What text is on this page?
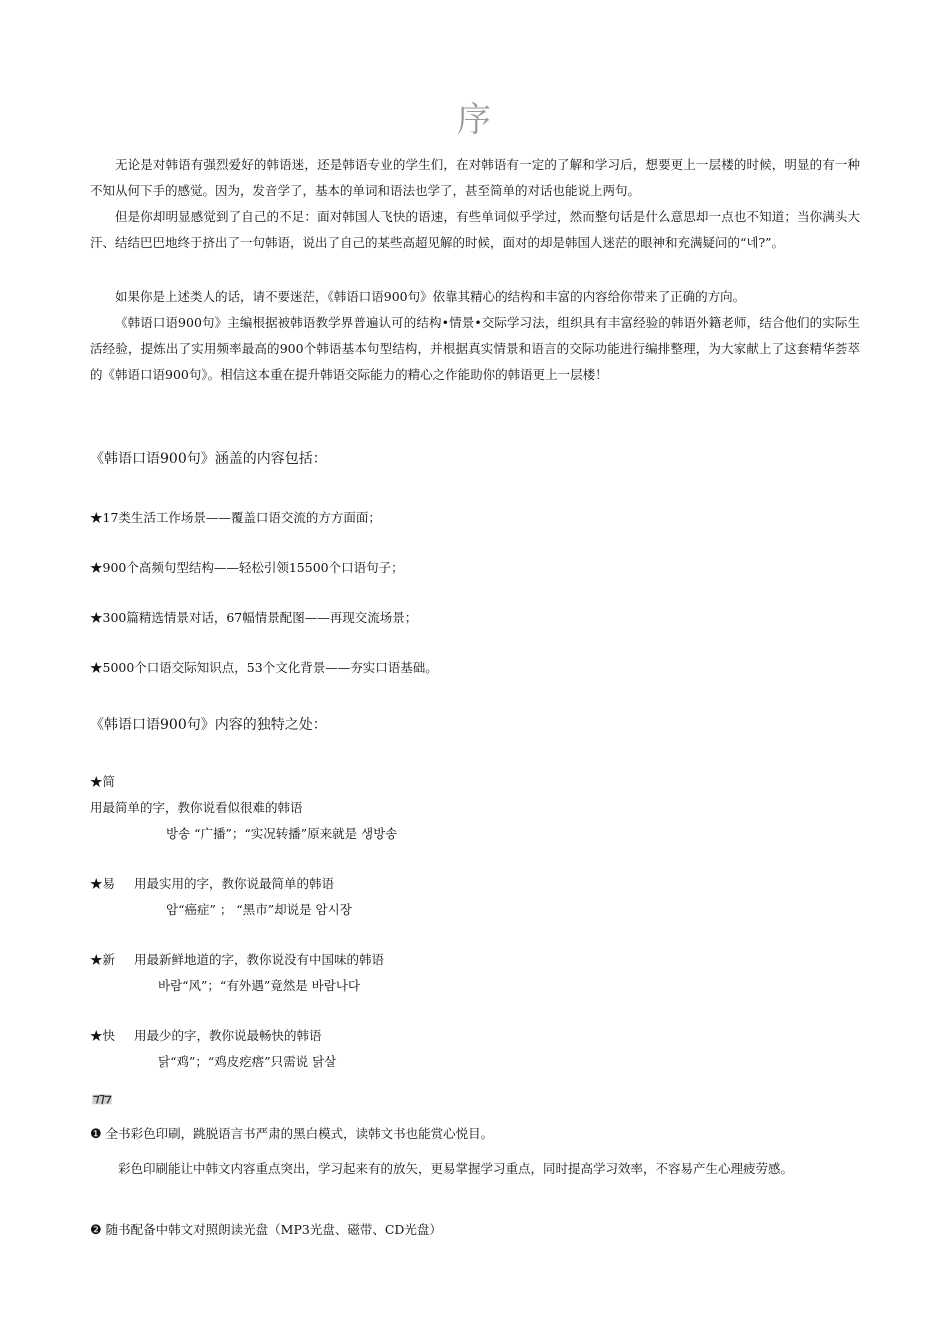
序

无论是对韩语有强烈爱好的韩语迷，还是韩语专业的学生们，在对韩语有一定的了解和学习后，想要更上一层楼的时候，明显的有一种不知从何下手的感觉。因为，发音学了，基本的单词和语法也学了，甚至简单的对话也能说上两句。

但是你却明显感觉到了自己的不足：面对韩国人飞快的语速，有些单词似乎学过，然而整句话是什么意思却一点也不知道；当你满头大汗、结结巴巴地终于挤出了一句韩语，说出了自己的某些高超见解的时候，面对的却是韩国人迷茫的眼神和充满疑问的“네?”。

如果你是上述类人的话，请不要迷茫，《韩语口语900句》依靠其精心的结构和丰富的内容给你带来了正确的方向。

《韩语口语900句》主编根据被韩语教学界普遍认可的结构•情景•交际学习法，组织具有丰富经验的韩语外籍老师，结合他们的实际生活经验，提炼出了实用频率最高的900个韩语基本句型结构，并根据真实情景和语言的交际功能进行编排整理，为大家献上了这套精华荟萃的《韩语口语900句》。相信这本重在提升韩语交际能力的精心之作能助你的韩语更上一层楼！

《韩语口语900句》涵盖的内容包括：
★17类生活工作场景——覆盖口语交流的方方面面；
★900个高频句型结构——轻松引领15500个口语句子；
★300篇精选情景对话，67幅情景配图——再现交流场景；
★5000个口语交际知识点，53个文化背景——夯实口语基础。
《韩语口语900句》内容的独特之处：
★简
用最简单的字，教你说看似很难的韩语
방송 “广播”；“实况转播”原来就是 생방송
★易 用最实用的字，教你说最简单的韩语
암“癌症” ； “黑市”却说是 암시장
★新 用最新鲜地道的字，教你说没有中国味的韩语
바람“风”；“有外遇”竟然是 바람나다
★快 用最少的字，教你说最畅快的韩语
닭“鸡”；“鸡皮疙瘩”只需说 닭살
❶ 全书彩色印刷，跳脱语言书严肃的黑白模式，读韩文书也能赏心悦目。

彩色印刷能让中韩文内容重点突出，学习起来有的放矢，更易掌握学习重点，同时提高学习效率，不容易产生心理疲劳感。

❷ 随书配备中韩文对照朗读光盘（MP3光盘、磁带、CD光盘）
